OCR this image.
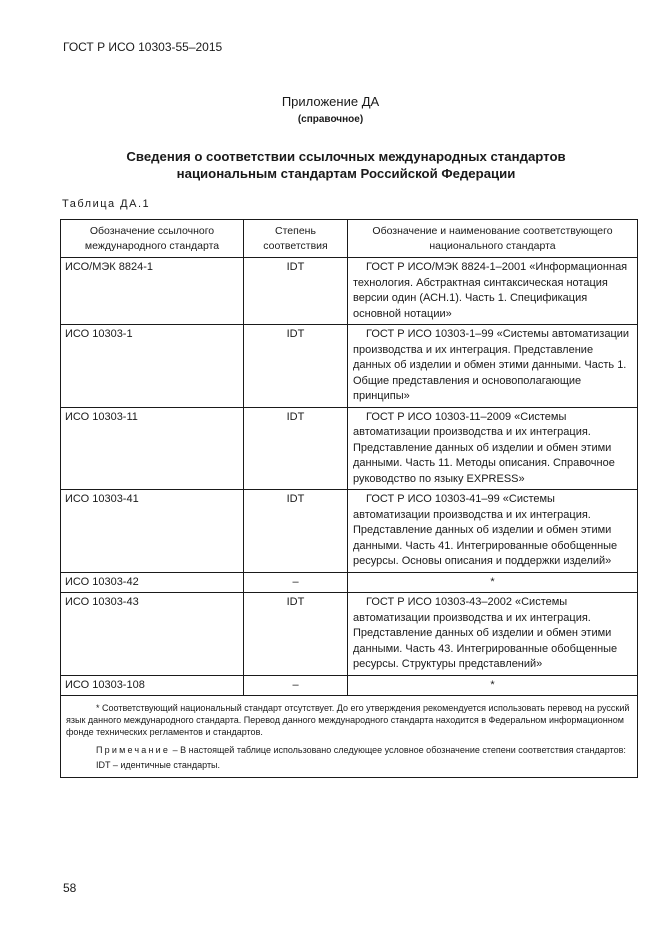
ГОСТ Р ИСО 10303-55–2015
Приложение ДА
(справочное)
Сведения о соответствии ссылочных международных стандартов
национальным стандартам Российской Федерации
Таблица ДА.1
Обозначение ссылочного международного стандарта	Степень соответствия	Обозначение и наименование соответствующего национального стандарта
ИСО/МЭК 8824-1	IDT	ГОСТ Р ИСО/МЭК 8824-1–2001 «Информационная технология. Абстрактная синтаксическая нотация версии один (АСН.1). Часть 1. Спецификация основной нотации»

ИСО 10303-1	IDT	ГОСТ Р ИСО 10303-1–99 «Системы автоматизации производства и их интеграция. Представление данных об изделии и обмен этими данными. Часть 1. Общие представления и основополагающие принципы»

ИСО 10303-11	IDT	ГОСТ Р ИСО 10303-11–2009 «Системы автоматизации производства и их интеграция. Представление данных об изделии и обмен этими данными. Часть 11. Методы описания. Справочное руководство по языку EXPRESS»

ИСО 10303-41	IDT	ГОСТ Р ИСО 10303-41–99 «Системы автоматизации производства и их интеграция. Представление данных об изделии и обмен этими данными. Часть 41. Интегрированные обобщенные ресурсы. Основы описания и поддержки изделий»

ИСО 10303-42	–	*
ИСО 10303-43	IDT	ГОСТ Р ИСО 10303-43–2002 «Системы автоматизации производства и их интеграция. Представление данных об изделии и обмен этими данными. Часть 43. Интегрированные обобщенные ресурсы. Структуры представлений»

ИСО 10303-108	–	*

* Соответствующий национальный стандарт отсутствует. До его утверждения рекомендуется использовать перевод на русский язык данного международного стандарта. Перевод данного международного стандарта находится в Федеральном информационном фонде технических регламентов и стандартов.
Примечание – В настоящей таблице использовано следующее условное обозначение степени соответствия стандартов:
IDT – идентичные стандарты.		
58
